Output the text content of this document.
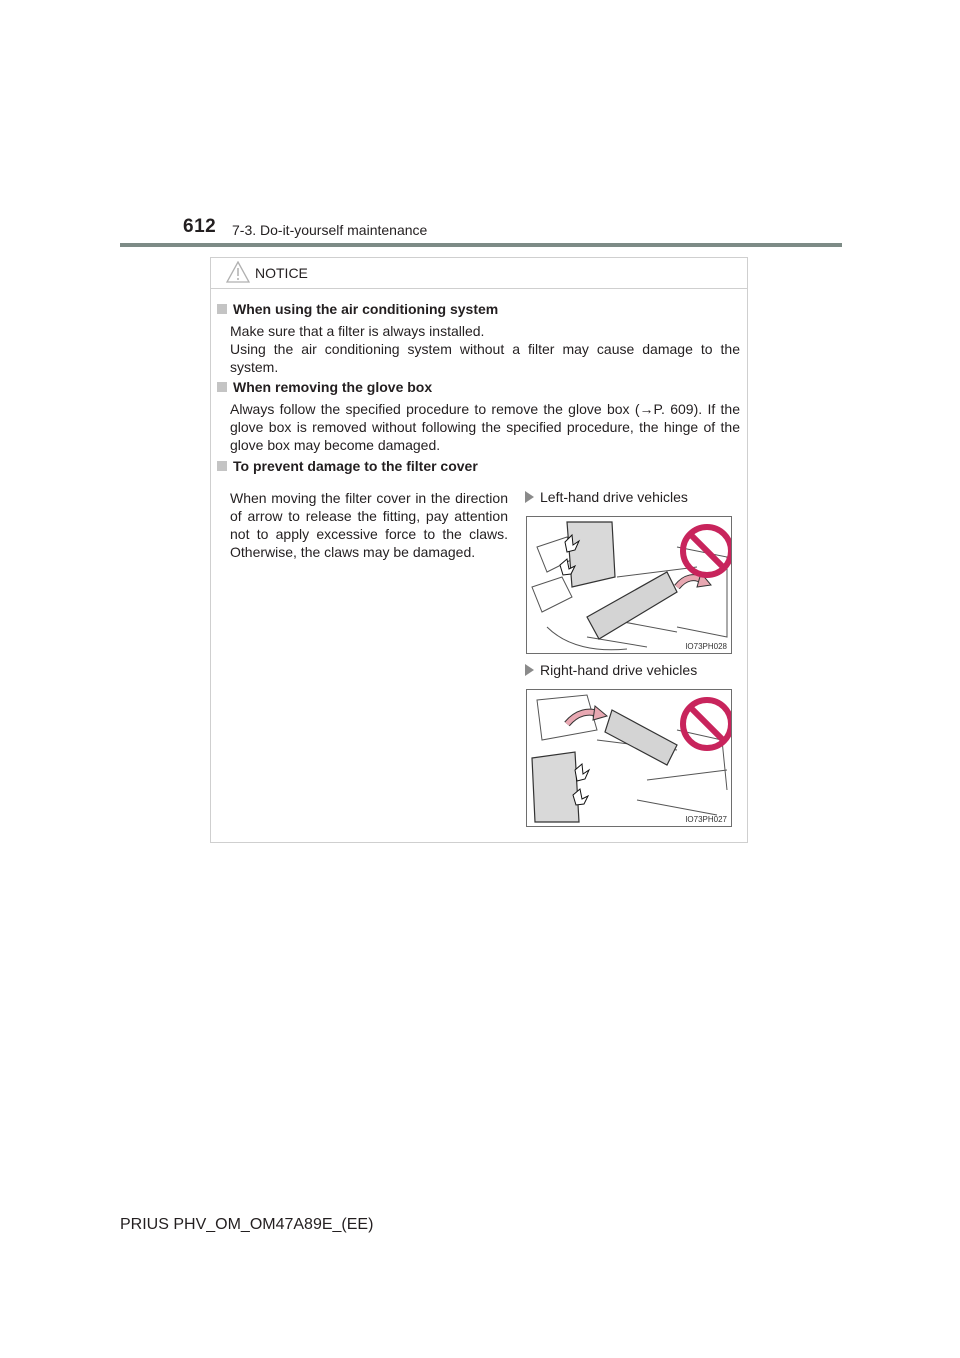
612 7-3. Do-it-yourself maintenance
NOTICE
When using the air conditioning system
Make sure that a filter is always installed.
Using the air conditioning system without a filter may cause damage to the system.
When removing the glove box
Always follow the specified procedure to remove the glove box (→P. 609). If the glove box is removed without following the specified procedure, the hinge of the glove box may become damaged.
To prevent damage to the filter cover
When moving the filter cover in the direction of arrow to release the fitting, pay attention not to apply excessive force to the claws. Otherwise, the claws may be damaged.
Left-hand drive vehicles
IO73PH028
Right-hand drive vehicles
IO73PH027
PRIUS PHV_OM_OM47A89E_(EE)
